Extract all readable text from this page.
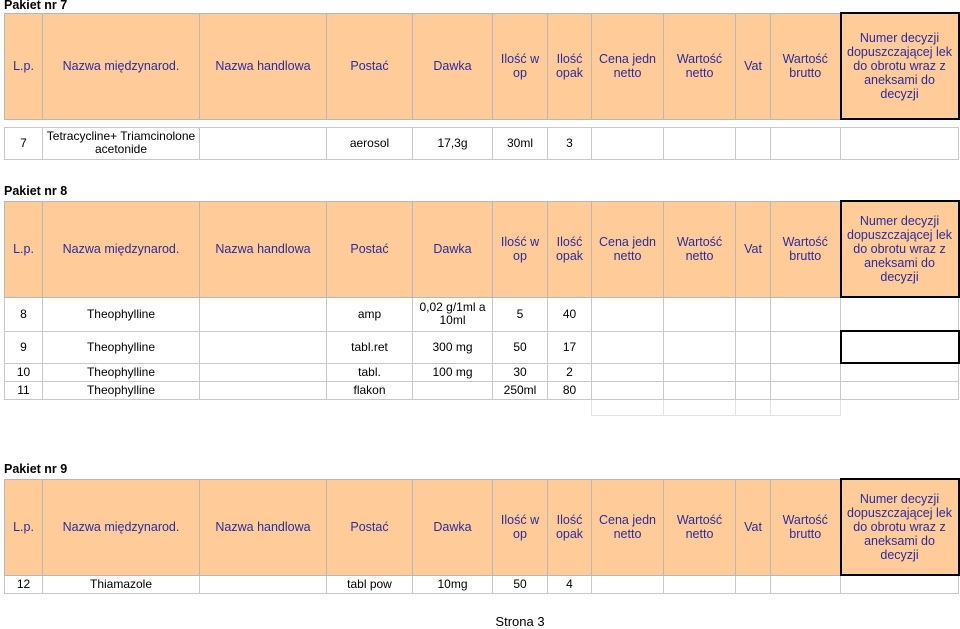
Pakiet nr 7
L.p.	Nazwa międzynarod.	Nazwa handlowa	Postać	Dawka	Ilość w op	Ilość opak	Cena jedn netto	Wartość netto	Vat	Wartość brutto	Numer decyzji dopuszczającej lek do obrotu wraz z aneksami do decyzji

7	Tetracycline+ Triamcinolone acetonide		aerosol	17,3g	30ml	3					
Pakiet nr 8
L.p.	Nazwa międzynarod.	Nazwa handlowa	Postać	Dawka	Ilość w op	Ilość opak	Cena jedn netto	Wartość netto	Vat	Wartość brutto	Numer decyzji dopuszczającej lek do obrotu wraz z aneksami do decyzji
8	Theophylline		amp	0,02 g/1ml a 10ml	5	40					
9	Theophylline		tabl.ret	300 mg	50	17					
10	Theophylline		tabl.	100 mg	30	2					
11	Theophylline		flakon		250ml	80					

Pakiet nr 9
L.p.	Nazwa międzynarod.	Nazwa handlowa	Postać	Dawka	Ilość w op	Ilość opak	Cena jedn netto	Wartość netto	Vat	Wartość brutto	Numer decyzji dopuszczającej lek do obrotu wraz z aneksami do decyzji
12	Thiamazole		tabl pow	10mg	50	4					
Strona 3
